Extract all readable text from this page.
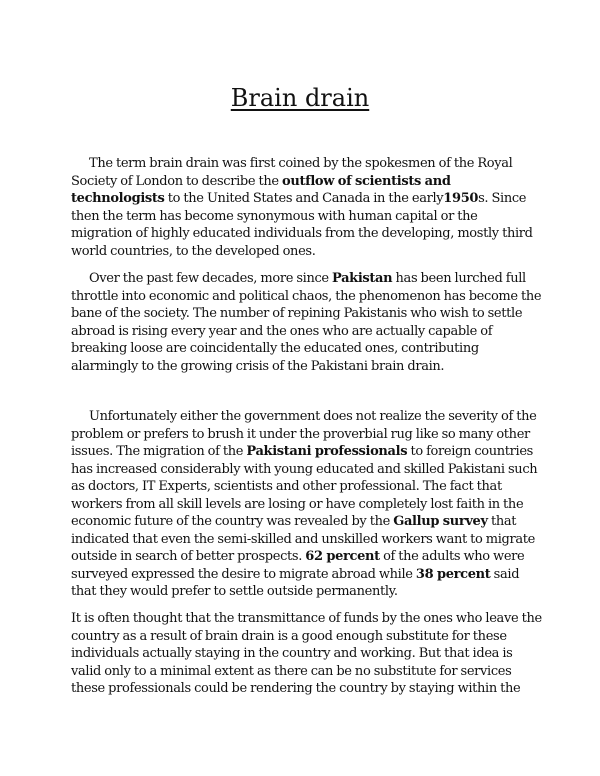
Brain drain

The term brain drain was first coined by the spokesmen of the Royal
Society of London to describe the outflow of scientists and
technologists to the United States and Canada in the early1950s. Since
then the term has become synonymous with human capital or the
migration of highly educated individuals from the developing, mostly third
world countries, to the developed ones.

Over the past few decades, more since Pakistan has been lurched full
throttle into economic and political chaos, the phenomenon has become the
bane of the society. The number of repining Pakistanis who wish to settle
abroad is rising every year and the ones who are actually capable of
breaking loose are coincidentally the educated ones, contributing
alarmingly to the growing crisis of the Pakistani brain drain.

Unfortunately either the government does not realize the severity of the
problem or prefers to brush it under the proverbial rug like so many other
issues. The migration of the Pakistani professionals to foreign countries
has increased considerably with young educated and skilled Pakistani such
as doctors, IT Experts, scientists and other professional. The fact that
workers from all skill levels are losing or have completely lost faith in the
economic future of the country was revealed by the Gallup survey that
indicated that even the semi-skilled and unskilled workers want to migrate
outside in search of better prospects. 62 percent of the adults who were
surveyed expressed the desire to migrate abroad while 38 percent said
that they would prefer to settle outside permanently.

It is often thought that the transmittance of funds by the ones who leave the
country as a result of brain drain is a good enough substitute for these
individuals actually staying in the country and working. But that idea is
valid only to a minimal extent as there can be no substitute for services
these professionals could be rendering the country by staying within the
